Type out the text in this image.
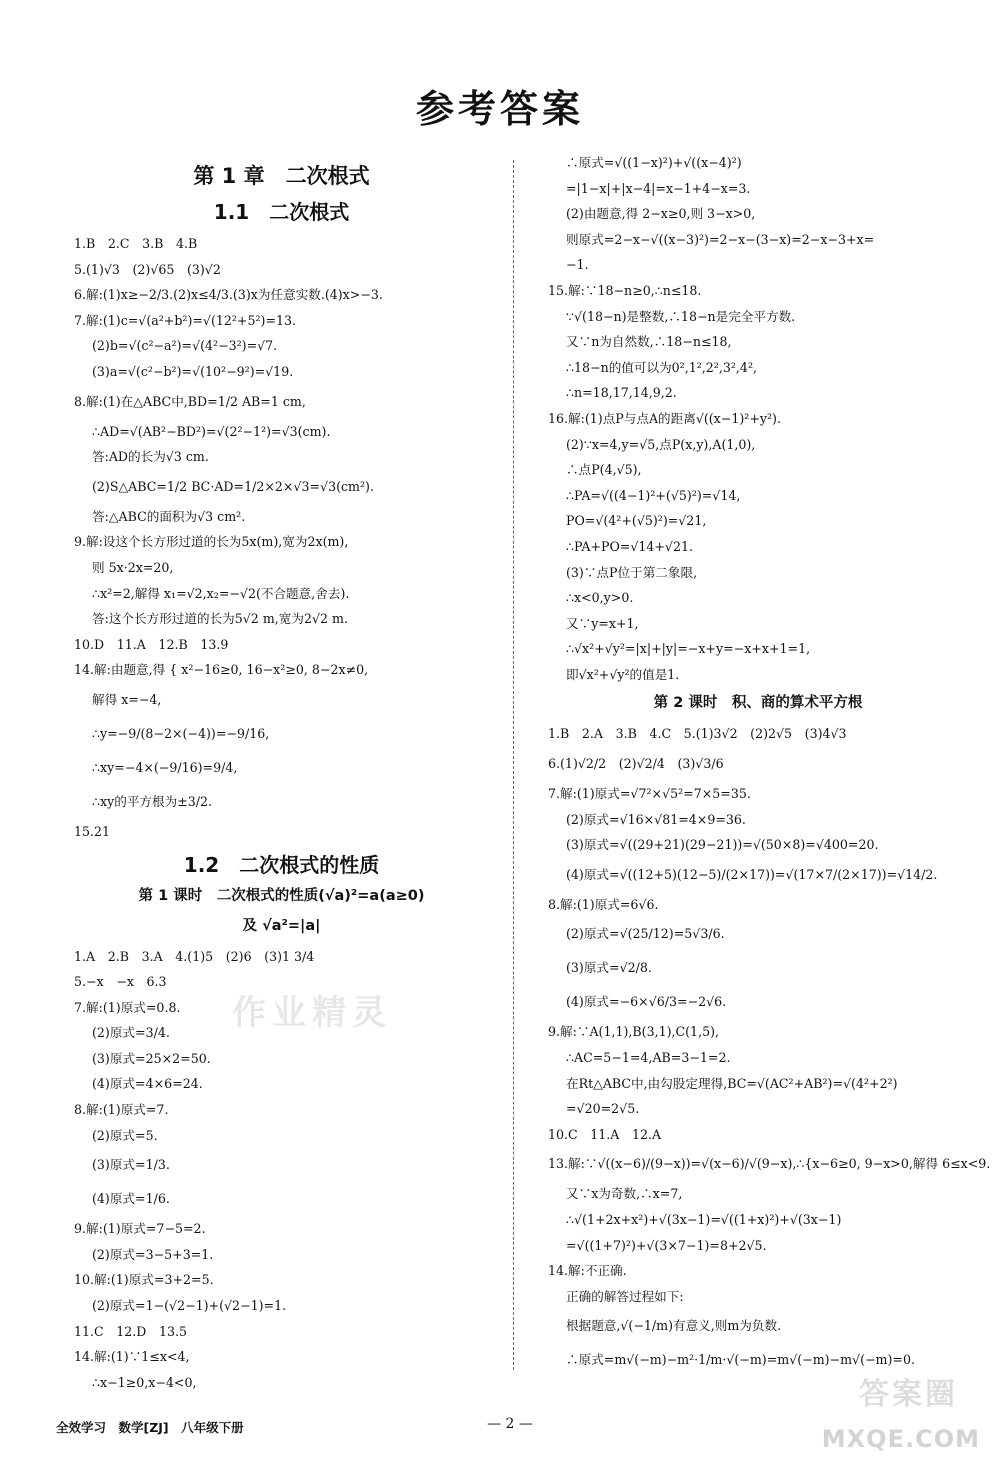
参考答案
第 1 章　二次根式
1.1　二次根式
1.B　2.C　3.B　4.B
5.(1)√3　(2)√65　(3)√2
6.解:(1)x≥−2/3.(2)x≤4/3.(3)x为任意实数.(4)x>−3.
7.解:(1)c=√(a²+b²)=√(12²+5²)=13.
(2)b=√(c²−a²)=√(4²−3²)=√7.
(3)a=√(c²−b²)=√(10²−9²)=√19.
8.解:(1)在△ABC中,BD=1/2 AB=1 cm,
∴AD=√(AB²−BD²)=√(2²−1²)=√3(cm).
答:AD的长为√3 cm.
(2)S△ABC=1/2 BC·AD=1/2×2×√3=√3(cm²).
答:△ABC的面积为√3 cm².
9.解:设这个长方形过道的长为5x(m),宽为2x(m),
则 5x·2x=20,
∴x²=2,解得 x₁=√2,x₂=−√2(不合题意,舍去).
答:这个长方形过道的长为5√2 m,宽为2√2 m.
10.D　11.A　12.B　13.9
14.解:由题意,得 { x²−16≥0, 16−x²≥0, 8−2x≠0,
解得 x=−4,
∴y=−9/(8−2×(−4))=−9/16,
∴xy=−4×(−9/16)=9/4,
∴xy的平方根为±3/2.
15.21
1.2　二次根式的性质
第 1 课时　二次根式的性质(√a)²=a(a≥0)
及 √a²=|a|
1.A　2.B　3.A　4.(1)5　(2)6　(3)1 3/4
5.−x　−x　6.3
7.解:(1)原式=0.8.
(2)原式=3/4.
(3)原式=25×2=50.
(4)原式=4×6=24.
8.解:(1)原式=7.
(2)原式=5.
(3)原式=1/3.
(4)原式=1/6.
9.解:(1)原式=7−5=2.
(2)原式=3−5+3=1.
10.解:(1)原式=3+2=5.
(2)原式=1−(√2−1)+(√2−1)=1.
11.C　12.D　13.5
14.解:(1)∵1≤x<4,
∴x−1≥0,x−4<0,
∴原式=√((1−x)²)+√((x−4)²)
=|1−x|+|x−4|=x−1+4−x=3.
(2)由题意,得 2−x≥0,则 3−x>0,
则原式=2−x−√((x−3)²)=2−x−(3−x)=2−x−3+x=
−1.
15.解:∵18−n≥0,∴n≤18.
∵√(18−n)是整数,∴18−n是完全平方数.
又∵n为自然数,∴18−n≤18,
∴18−n的值可以为0²,1²,2²,3²,4²,
∴n=18,17,14,9,2.
16.解:(1)点P与点A的距离√((x−1)²+y²).
(2)∵x=4,y=√5,点P(x,y),A(1,0),
∴点P(4,√5),
∴PA=√((4−1)²+(√5)²)=√14,
PO=√(4²+(√5)²)=√21,
∴PA+PO=√14+√21.
(3)∵点P位于第二象限,
∴x<0,y>0.
又∵y=x+1,
∴√x²+√y²=|x|+|y|=−x+y=−x+x+1=1,
即√x²+√y²的值是1.
第 2 课时　积、商的算术平方根
1.B　2.A　3.B　4.C　5.(1)3√2　(2)2√5　(3)4√3
6.(1)√2/2　(2)√2/4　(3)√3/6
7.解:(1)原式=√7²×√5²=7×5=35.
(2)原式=√16×√81=4×9=36.
(3)原式=√((29+21)(29−21))=√(50×8)=√400=20.
(4)原式=√((12+5)(12−5)/(2×17))=√(17×7/(2×17))=√14/2.
8.解:(1)原式=6√6.
(2)原式=√(25/12)=5√3/6.
(3)原式=√2/8.
(4)原式=−6×√6/3=−2√6.
9.解:∵A(1,1),B(3,1),C(1,5),
∴AC=5−1=4,AB=3−1=2.
在Rt△ABC中,由勾股定理得,BC=√(AC²+AB²)=√(4²+2²)
=√20=2√5.
10.C　11.A　12.A
13.解:∵√((x−6)/(9−x))=√(x−6)/√(9−x),∴{x−6≥0, 9−x>0,解得 6≤x<9.
又∵x为奇数,∴x=7,
∴√(1+2x+x²)+√(3x−1)=√((1+x)²)+√(3x−1)
=√((1+7)²)+√(3×7−1)=8+2√5.
14.解:不正确.
正确的解答过程如下:
根据题意,√(−1/m)有意义,则m为负数.
∴原式=m√(−m)−m²·1/m·√(−m)=m√(−m)−m√(−m)=0.
作业精灵
全效学习　数学[ZJ]　八年级下册	— 2 —
答案圈
MXQE.COM
